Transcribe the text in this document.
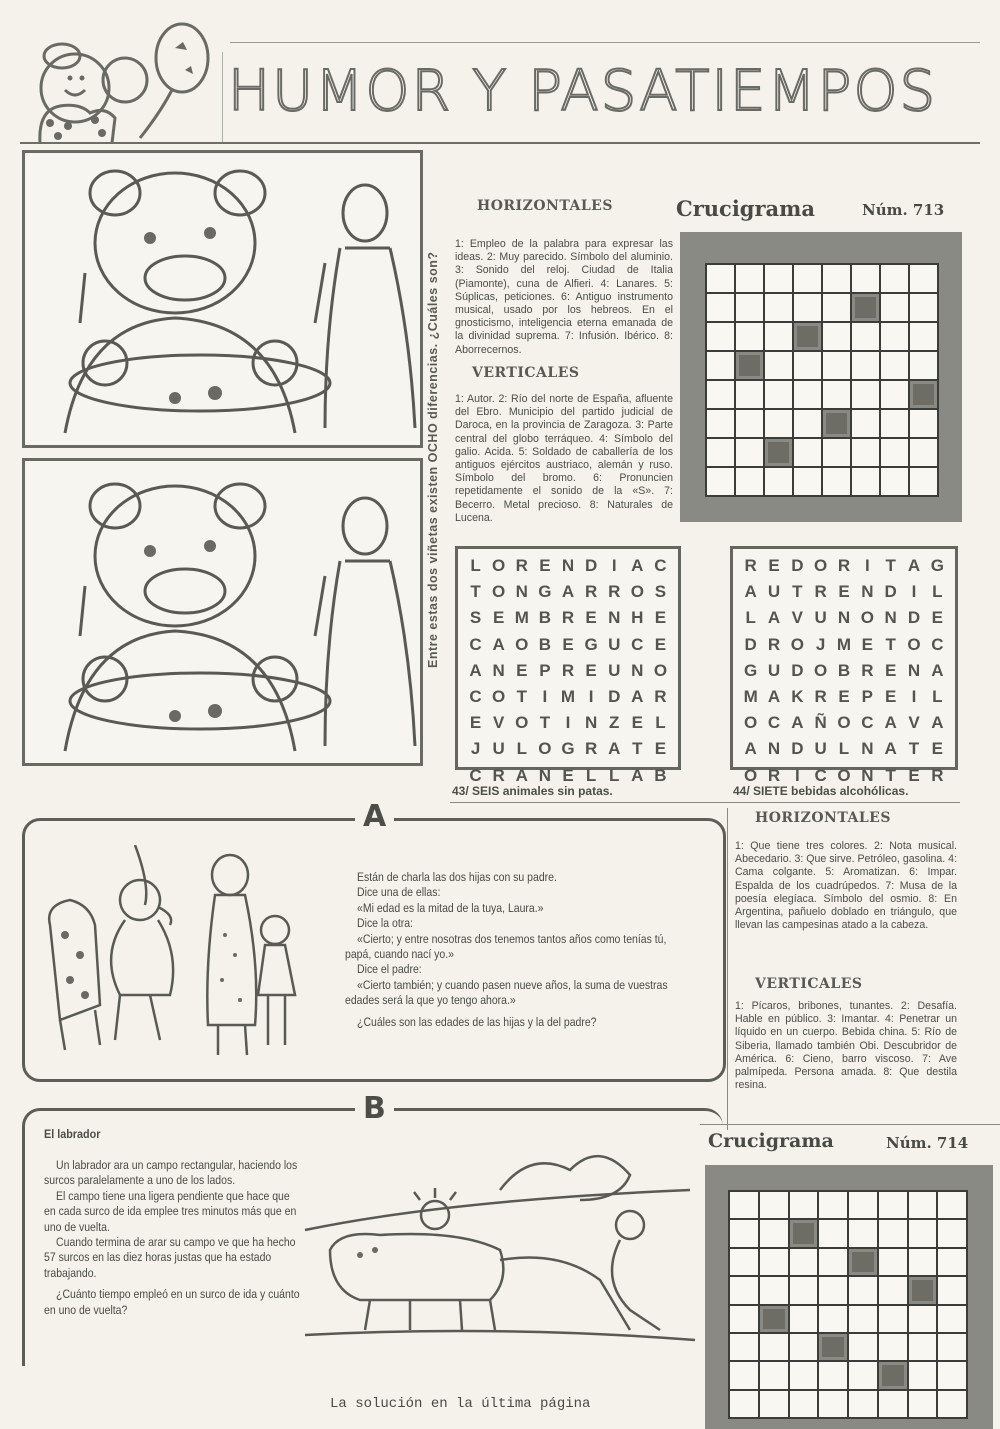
HUMOR Y PASATIEMPOS
Entre estas dos viñetas existen OCHO diferencias. ¿Cuáles son?
HORIZONTALES
1: Empleo de la palabra para expresar las ideas. 2: Muy parecido. Símbolo del aluminio. 3: Sonido del reloj. Ciudad de Italia (Piamonte), cuna de Alfieri. 4: Lanares. 5: Súplicas, peticiones. 6: Antiguo instrumento musical, usado por los hebreos. En el gnosticismo, inteligencia eterna emanada de la divinidad suprema. 7: Infusión. Ibérico. 8: Aborrecernos.
VERTICALES
1: Autor. 2: Río del norte de España, afluente del Ebro. Municipio del partido judicial de Daroca, en la provincia de Zaragoza. 3: Parte central del globo terráqueo. 4: Símbolo del galio. Acida. 5: Soldado de caballería de los antiguos ejércitos austriaco, alemán y ruso. Símbolo del bromo. 6: Pronuncien repetidamente el sonido de la «S». 7: Becerro. Metal precioso. 8: Naturales de Lucena.
Crucigrama	Núm. 713
L O R E N D I A C
T O N G A R R O S
S E M B R E N H E
C A O B E G U C E
A N E P R E U N O
C O T I M I D A R
E V O T I N Z E L
J U L O G R A T E
C R A N E L L A B
43/ SEIS animales sin patas.
R E D O R I T A G
A U T R E N D I L
L A V U N O N D E
D R O J M E T O C
G U D O B R E N A
M A K R E P E I L
O C A Ñ O C A V A
A N D U L N A T E
O R I C O N T E R
44/ SIETE bebidas alcohólicas.
A

Están de charla las dos hijas con su padre.

Dice una de ellas:

«Mi edad es la mitad de la tuya, Laura.»

Dice la otra:

«Cierto; y entre nosotras dos tenemos tantos años como tenías tú, papá, cuando nací yo.»

Dice el padre:

«Cierto también; y cuando pasen nueve años, la suma de vuestras edades será la que yo tengo ahora.»

¿Cuáles son las edades de las hijas y la del padre?

HORIZONTALES
1: Que tiene tres colores. 2: Nota musical. Abecedario. 3: Que sirve. Petróleo, gasolina. 4: Cama colgante. 5: Aromatizan. 6: Impar. Espalda de los cuadrúpedos. 7: Musa de la poesía elegíaca. Símbolo del osmio. 8: En Argentina, pañuelo doblado en triángulo, que llevan las campesinas atado a la cabeza.
VERTICALES
1: Pícaros, bribones, tunantes. 2: Desafía. Hable en público. 3: Imantar. 4: Penetrar un líquido en un cuerpo. Bebida china. 5: Río de Siberia, llamado también Obi. Descubridor de América. 6: Cieno, barro viscoso. 7: Ave palmípeda. Persona amada. 8: Que destila resina.
B
El labrador

Un labrador ara un campo rectangular, haciendo los surcos paralelamente a uno de los lados.

El campo tiene una ligera pendiente que hace que en cada surco de ida emplee tres minutos más que en uno de vuelta.

Cuando termina de arar su campo ve que ha hecho 57 surcos en las diez horas justas que ha estado trabajando.

¿Cuánto tiempo empleó en un surco de ida y cuánto en uno de vuelta?

Crucigrama	Núm. 714
La solución en la última página
